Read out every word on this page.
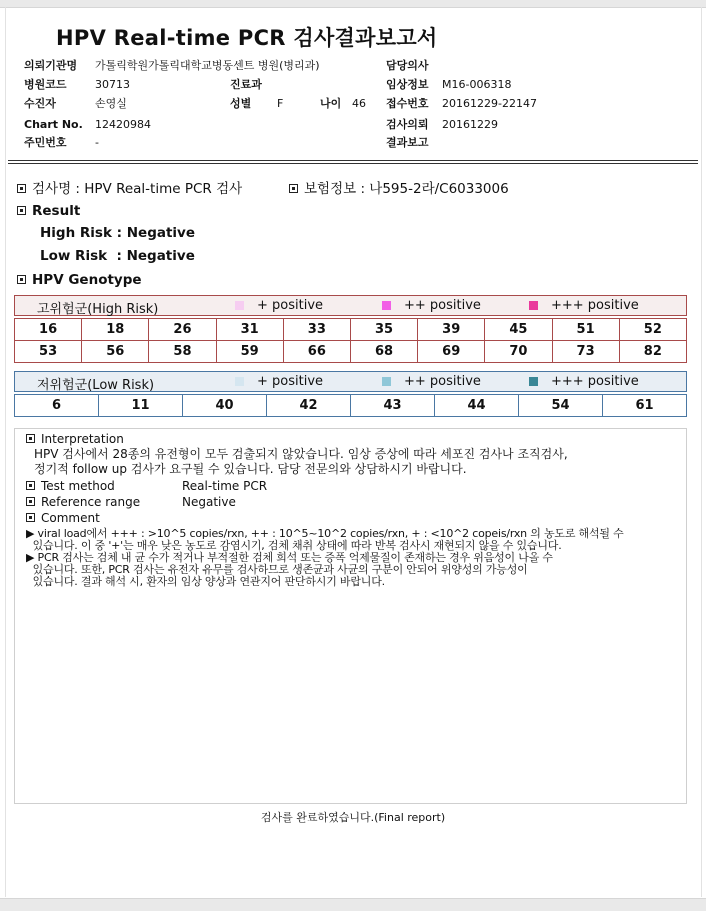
HPV Real-time PCR 검사결과보고서
의뢰기관명 가톨릭학원가톨릭대학교병동센트 병원(병리과)	담당의사
병원코드	30713	진료과	임상정보 M16-006318
수진자	손영실	성별 F	나이 46 접수번호 20161229-22147
Chart No. 12420984	검사의뢰 20161229
주민번호	-	결과보고
검사명 : HPV Real-time PCR 검사	보험정보 : 나595-2라/C6033006
Result
High Risk : Negative
Low Risk  : Negative
HPV Genotype
고위험군(High Risk)	+ positive	++ positive	+++ positive
16	18	26	31	33	35	39	45	51	52
53	56	58	59	66	68	69	70	73	82
저위험군(Low Risk)	+ positive	++ positive	+++ positive
6	11	40	42	43	44	54	61
Interpretation
HPV 검사에서 28종의 유전형이 모두 검출되지 않았습니다. 임상 증상에 따라 세포진 검사나 조직검사,
정기적 follow up 검사가 요구될 수 있습니다. 담당 전문의와 상담하시기 바랍니다.
Test method	Real-time PCR
Reference range	Negative
Comment
▶ viral load에서 +++ : >10^5 copies/rxn, ++ : 10^5~10^2 copies/rxn, + : <10^2 copeis/rxn 의 농도로 해석될 수
있습니다. 이 중 '+'는 매우 낮은 농도로 감염시기, 검체 채취 상태에 따라 반복 검사시 재현되지 않을 수 있습니다.
▶ PCR 검사는 검체 내 균 수가 적거나 부적절한 검체 희석 또는 증폭 억제물질이 존재하는 경우 위음성이 나올 수
있습니다. 또한, PCR 검사는 유전자 유무를 검사하므로 생존균과 사균의 구분이 안되어 위양성의 가능성이
있습니다. 결과 해석 시, 환자의 임상 양상과 연관지어 판단하시기 바랍니다.
검사를 완료하였습니다.(Final report)
